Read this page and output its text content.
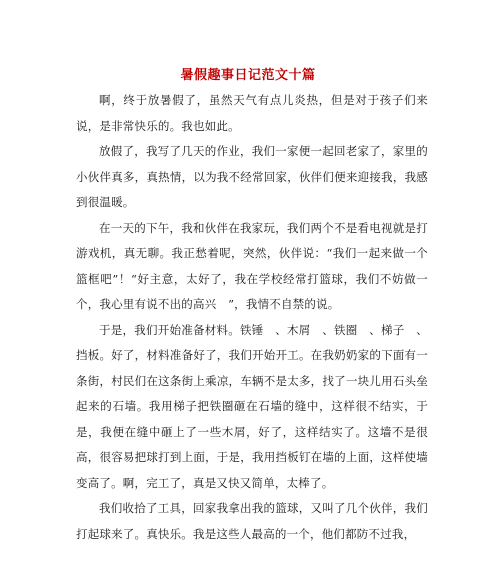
暑假趣事日记范文十篇

啊，终于放暑假了，虽然天气有点儿炎热，但是对于孩子们来说，是非常快乐的。我也如此。

放假了，我写了几天的作业，我们一家便一起回老家了，家里的小伙伴真多，真热情，以为我不经常回家，伙伴们便来迎接我，我感到很温暖。

在一天的下午，我和伙伴在我家玩，我们两个不是看电视就是打游戏机，真无聊。我正愁着呢，突然，伙伴说：“我们一起来做一个篮框吧”！“好主意，太好了，我在学校经常打篮球，我们不妨做一个，我心里有说不出的高兴　”，我情不自禁的说。

于是，我们开始准备材料。铁锤　、木屑　、铁圈　、梯子　、挡板。好了，材料准备好了，我们开始开工。在我奶奶家的下面有一条街，村民们在这条街上乘凉，车辆不是太多，找了一块儿用石头垒起来的石墙。我用梯子把铁圈砸在石墙的缝中，这样很不结实，于是，我便在缝中砸上了一些木屑，好了，这样结实了。这墙不是很高，很容易把球打到上面，于是，我用挡板钉在墙的上面，这样使墙变高了。啊，完工了，真是又快又简单，太棒了。

我们收拾了工具，回家我拿出我的篮球，又叫了几个伙伴，我们打起球来了。真快乐。我是这些人最高的一个，他们都防不过我，
